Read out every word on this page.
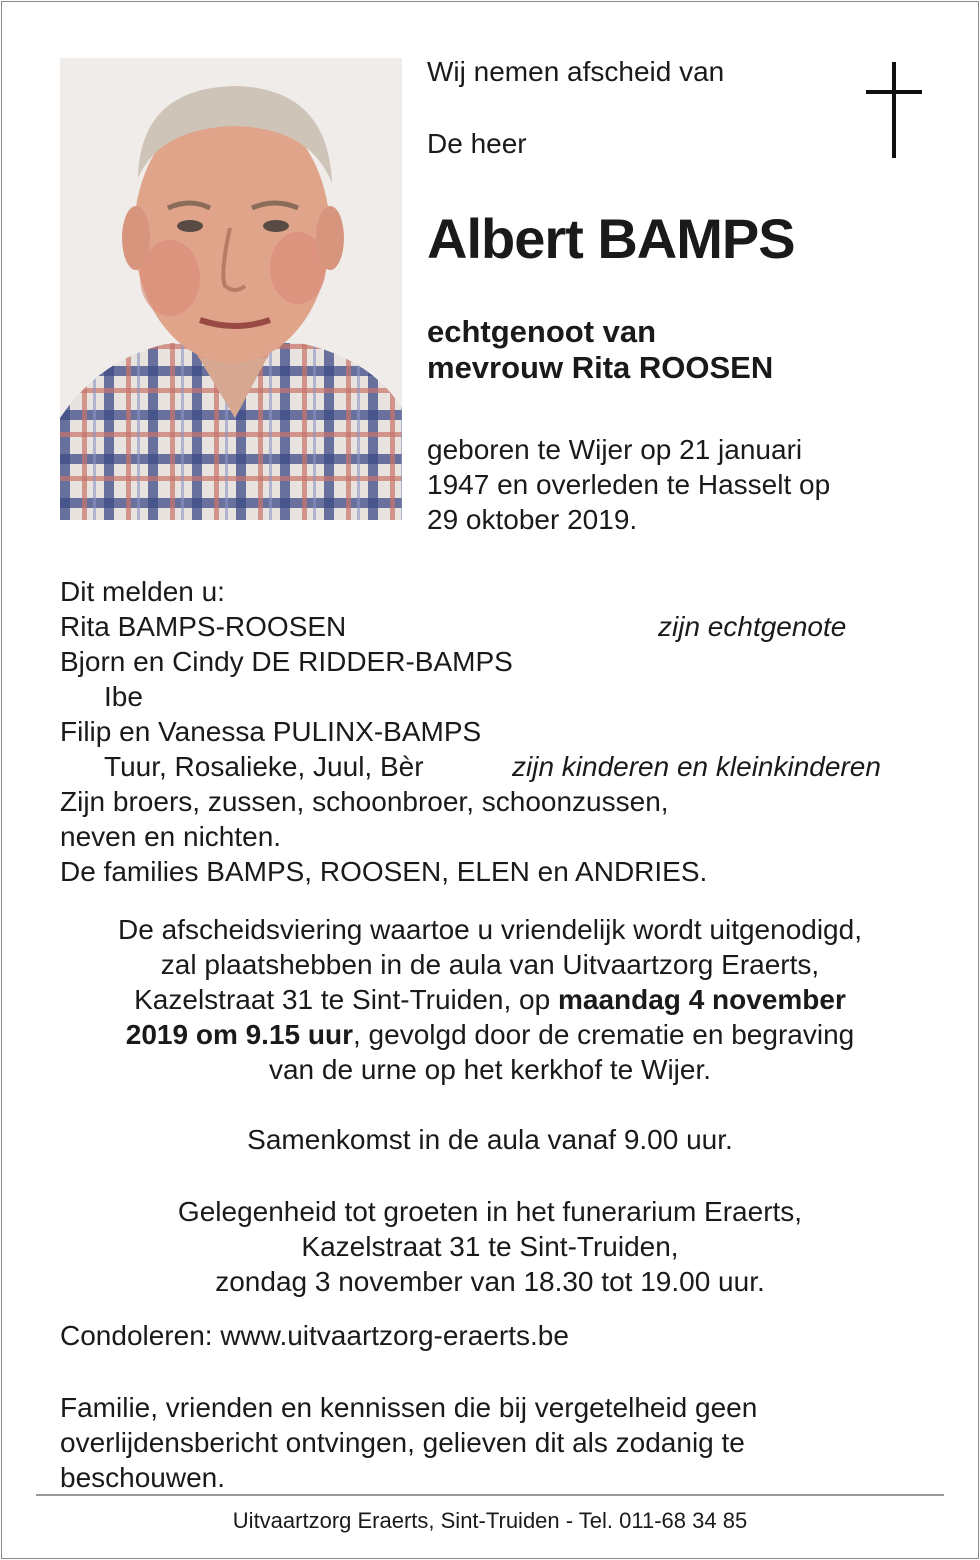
Wij nemen afscheid van
De heer
Albert BAMPS
echtgenoot van
mevrouw Rita ROOSEN
geboren te Wijer op 21 januari
1947 en overleden te Hasselt op
29 oktober 2019.
Dit melden u:
Rita BAMPS-ROOSEN	zijn echtgenote
Bjorn en Cindy DE RIDDER-BAMPS
Ibe
Filip en Vanessa PULINX-BAMPS
Tuur, Rosalieke, Juul, Bèr	zijn kinderen en kleinkinderen
Zijn broers, zussen, schoonbroer, schoonzussen,
neven en nichten.
De families BAMPS, ROOSEN, ELEN en ANDRIES.
De afscheidsviering waartoe u vriendelijk wordt uitgenodigd,
zal plaatshebben in de aula van Uitvaartzorg Eraerts,
Kazelstraat 31 te Sint-Truiden, op maandag 4 november
2019 om 9.15 uur, gevolgd door de crematie en begraving
van de urne op het kerkhof te Wijer.
Samenkomst in de aula vanaf 9.00 uur.
Gelegenheid tot groeten in het funerarium Eraerts,
Kazelstraat 31 te Sint-Truiden,
zondag 3 november van 18.30 tot 19.00 uur.
Condoleren: www.uitvaartzorg-eraerts.be
Familie, vrienden en kennissen die bij vergetelheid geen
overlijdensbericht ontvingen, gelieven dit als zodanig te
beschouwen.
Uitvaartzorg Eraerts, Sint-Truiden - Tel. 011-68 34 85
